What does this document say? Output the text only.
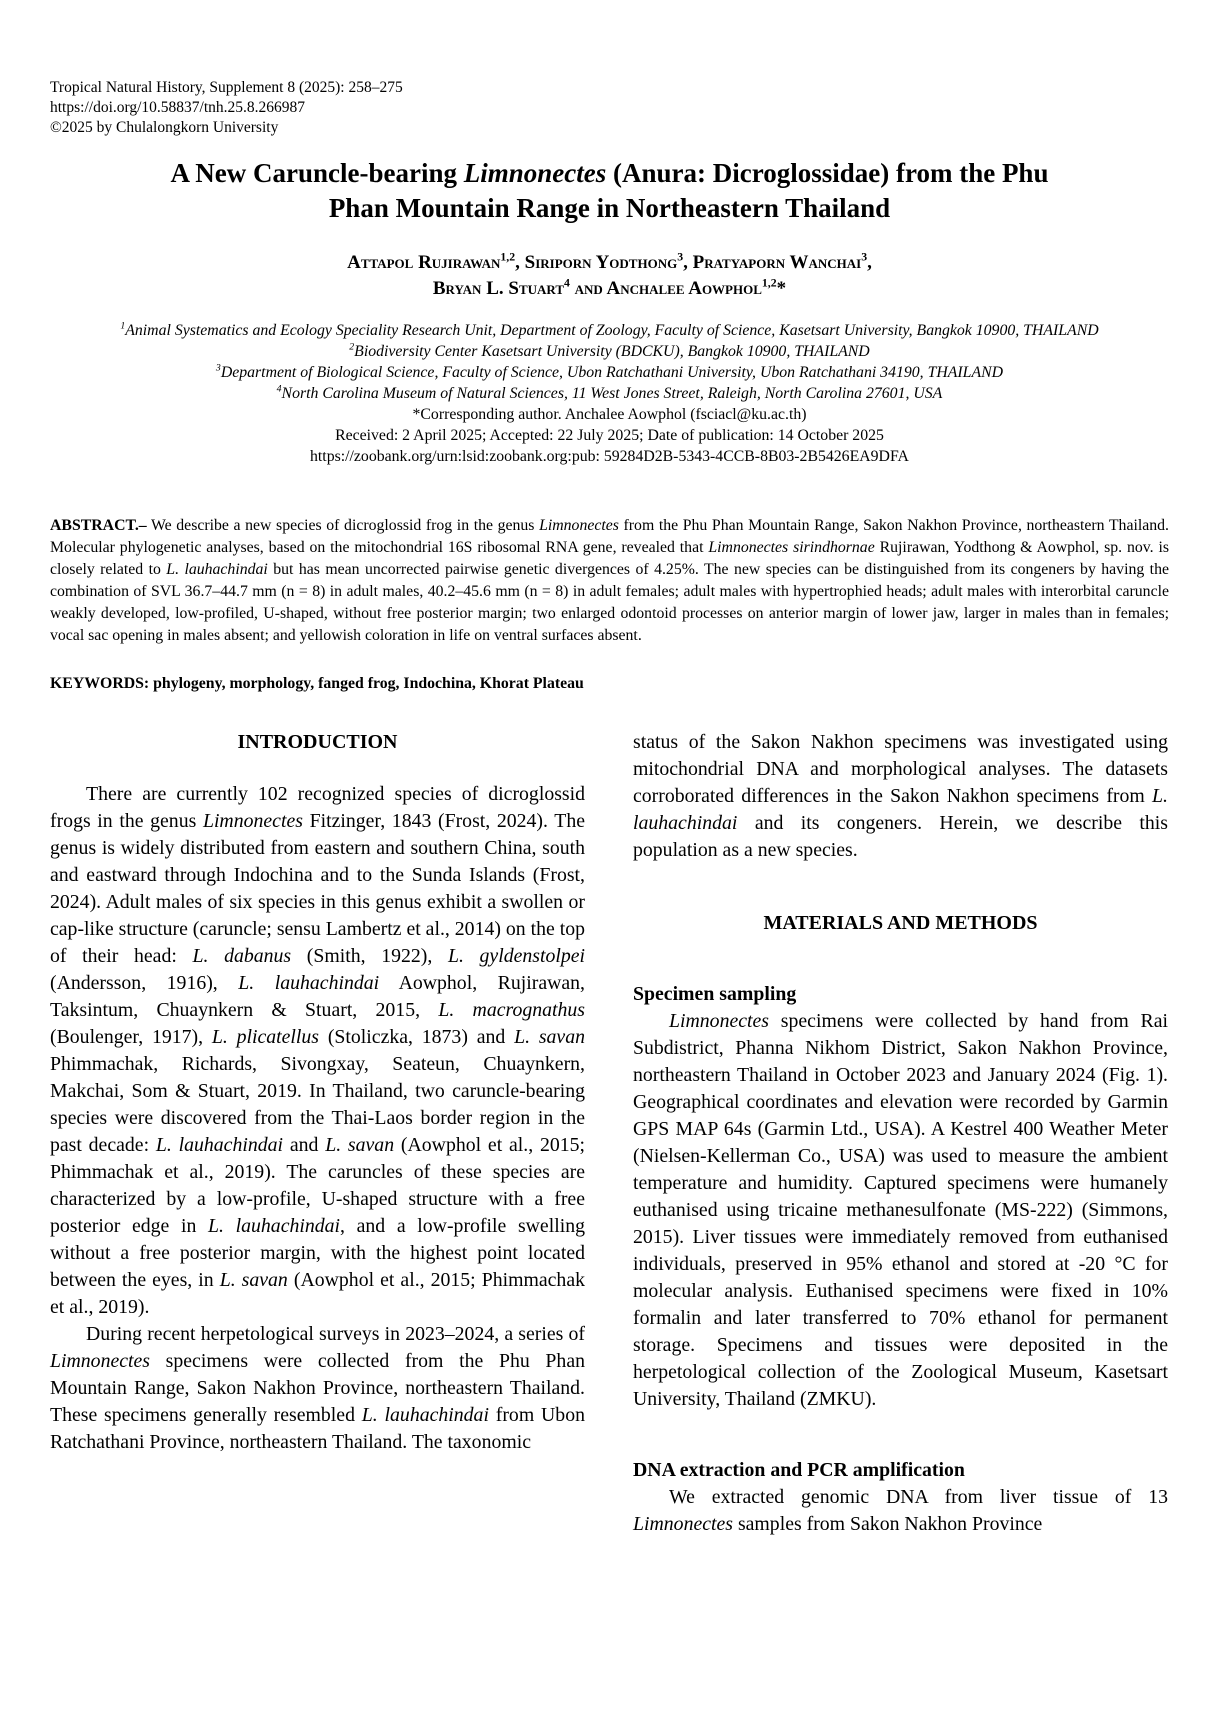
Tropical Natural History, Supplement 8 (2025): 258–275
https://doi.org/10.58837/tnh.25.8.266987
©2025 by Chulalongkorn University
A New Caruncle-bearing Limnonectes (Anura: Dicroglossidae) from the Phu Phan Mountain Range in Northeastern Thailand
Attapol Rujirawan$^{1,2}$, Siriporn Yodthong$^3$, Pratyaporn Wanchai$^3$,
Bryan L. Stuart$^4$ and Anchalee Aowphol$^{1,2}$*
$^1$Animal Systematics and Ecology Speciality Research Unit, Department of Zoology, Faculty of Science, Kasetsart University, Bangkok 10900, THAILAND
$^2$Biodiversity Center Kasetsart University (BDCKU), Bangkok 10900, THAILAND
$^3$Department of Biological Science, Faculty of Science, Ubon Ratchathani University, Ubon Ratchathani 34190, THAILAND
$^4$North Carolina Museum of Natural Sciences, 11 West Jones Street, Raleigh, North Carolina 27601, USA
*Corresponding author. Anchalee Aowphol (fsciacl@ku.ac.th)
Received: 2 April 2025; Accepted: 22 July 2025; Date of publication: 14 October 2025
https://zoobank.org/urn:lsid:zoobank.org:pub: 59284D2B-5343-4CCB-8B03-2B5426EA9DFA

ABSTRACT.– We describe a new species of dicroglossid frog in the genus Limnonectes from the Phu Phan Mountain Range, Sakon Nakhon Province, northeastern Thailand. Molecular phylogenetic analyses, based on the mitochondrial 16S ribosomal RNA gene, revealed that Limnonectes sirindhornae Rujirawan, Yodthong & Aowphol, sp. nov. is closely related to L. lauhachindai but has mean uncorrected pairwise genetic divergences of 4.25%. The new species can be distinguished from its congeners by having the combination of SVL 36.7–44.7 mm (n = 8) in adult males, 40.2–45.6 mm (n = 8) in adult females; adult males with hypertrophied heads; adult males with interorbital caruncle weakly developed, low-profiled, U-shaped, without free posterior margin; two enlarged odontoid processes on anterior margin of lower jaw, larger in males than in females; vocal sac opening in males absent; and yellowish coloration in life on ventral surfaces absent.

KEYWORDS: phylogeny, morphology, fanged frog, Indochina, Khorat Plateau

INTRODUCTION

There are currently 102 recognized species of dicroglossid frogs in the genus Limnonectes Fitzinger, 1843 (Frost, 2024). The genus is widely distributed from eastern and southern China, south and eastward through Indochina and to the Sunda Islands (Frost, 2024). Adult males of six species in this genus exhibit a swollen or cap-like structure (caruncle; sensu Lambertz et al., 2014) on the top of their head: L. dabanus (Smith, 1922), L. gyldenstolpei (Andersson, 1916), L. lauhachindai Aowphol, Rujirawan, Taksintum, Chuaynkern & Stuart, 2015, L. macrognathus (Boulenger, 1917), L. plicatellus (Stoliczka, 1873) and L. savan Phimmachak, Richards, Sivongxay, Seateun, Chuaynkern, Makchai, Som & Stuart, 2019. In Thailand, two caruncle-bearing species were discovered from the Thai-Laos border region in the past decade: L. lauhachindai and L. savan (Aowphol et al., 2015; Phimmachak et al., 2019). The caruncles of these species are characterized by a low-profile, U-shaped structure with a free posterior edge in L. lauhachindai, and a low-profile swelling without a free posterior margin, with the highest point located between the eyes, in L. savan (Aowphol et al., 2015; Phimmachak et al., 2019).

During recent herpetological surveys in 2023–2024, a series of Limnonectes specimens were collected from the Phu Phan Mountain Range, Sakon Nakhon Province, northeastern Thailand. These specimens generally resembled L. lauhachindai from Ubon Ratchathani Province, northeastern Thailand. The taxonomic

status of the Sakon Nakhon specimens was investigated using mitochondrial DNA and morphological analyses. The datasets corroborated differences in the Sakon Nakhon specimens from L. lauhachindai and its congeners. Herein, we describe this population as a new species.

MATERIALS AND METHODS
Specimen sampling

Limnonectes specimens were collected by hand from Rai Subdistrict, Phanna Nikhom District, Sakon Nakhon Province, northeastern Thailand in October 2023 and January 2024 (Fig. 1). Geographical coordinates and elevation were recorded by Garmin GPS MAP 64s (Garmin Ltd., USA). A Kestrel 400 Weather Meter (Nielsen-Kellerman Co., USA) was used to measure the ambient temperature and humidity. Captured specimens were humanely euthanised using tricaine methanesulfonate (MS-222) (Simmons, 2015). Liver tissues were immediately removed from euthanised individuals, preserved in 95% ethanol and stored at -20 °C for molecular analysis. Euthanised specimens were fixed in 10% formalin and later transferred to 70% ethanol for permanent storage. Specimens and tissues were deposited in the herpetological collection of the Zoological Museum, Kasetsart University, Thailand (ZMKU).

DNA extraction and PCR amplification

We extracted genomic DNA from liver tissue of 13 Limnonectes samples from Sakon Nakhon Province
